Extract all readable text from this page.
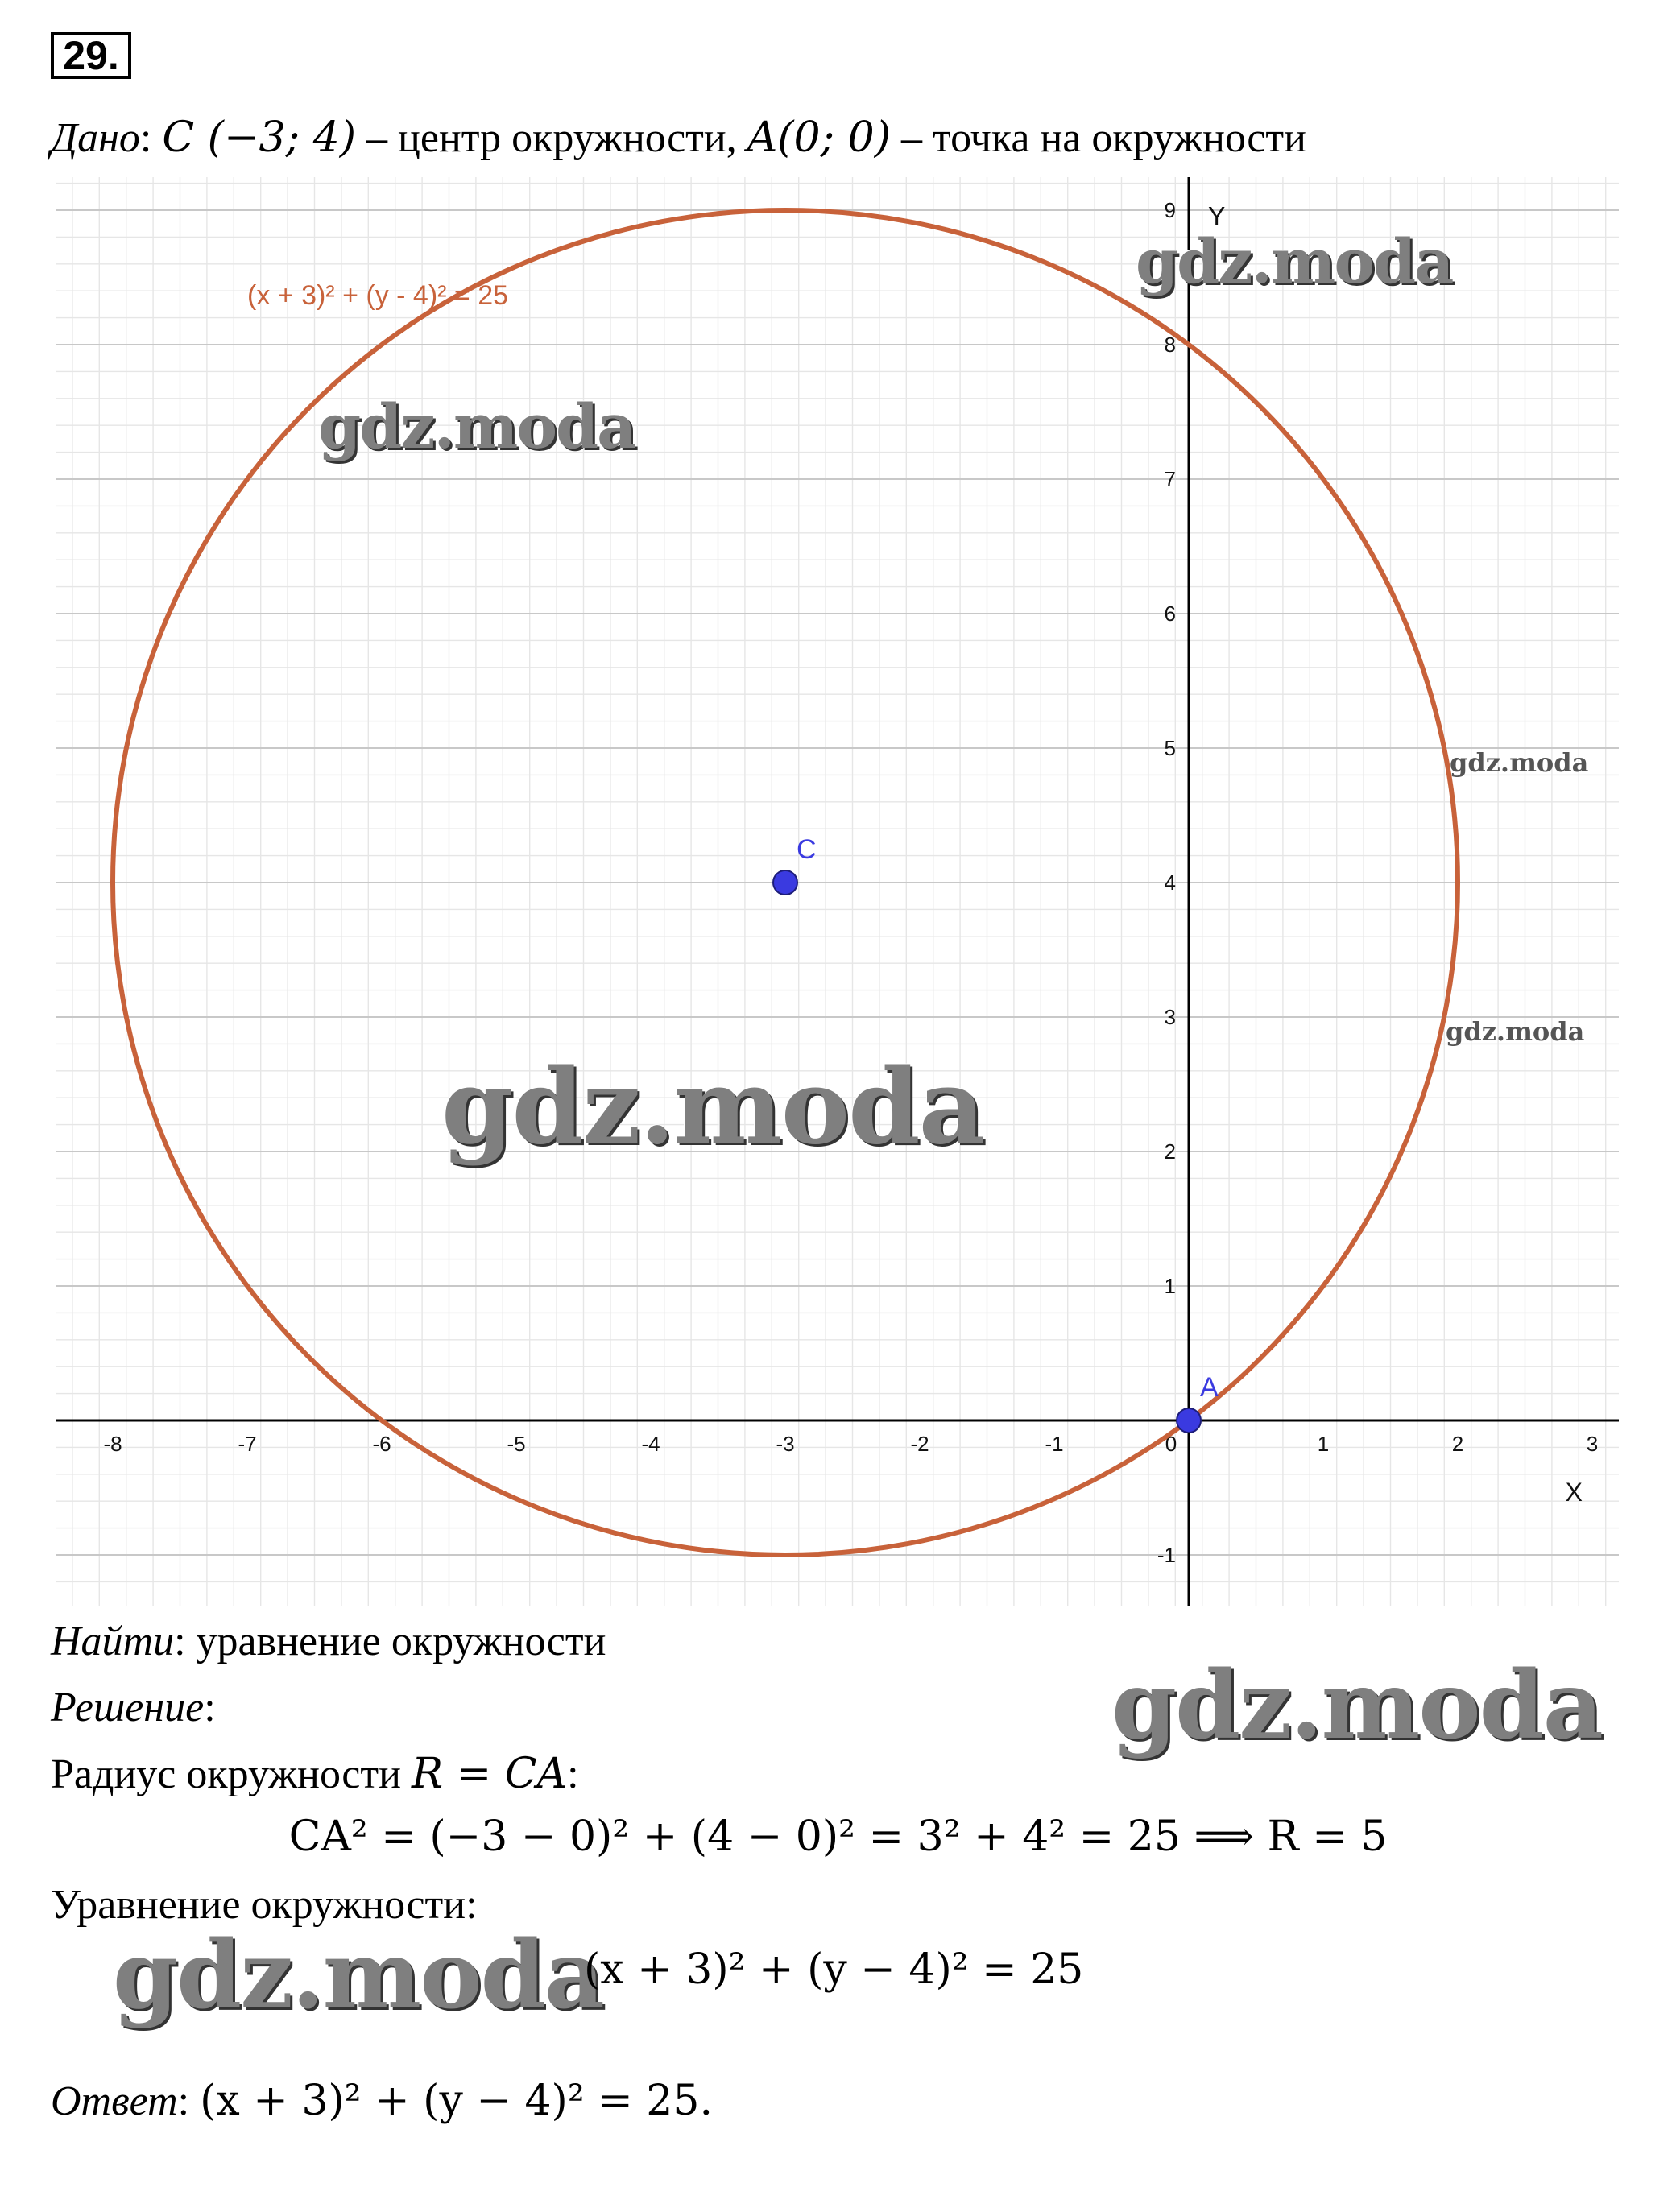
29.
Дано: C (−3; 4) – центр окружности, A(0; 0) – точка на окружности
-8	-7	-6	-5	-4	-3	-2	-1	0	1	2	3
9
8
7
6
5
4
3
2
1
-1
(x + 3)² + (y - 4)² = 25
C
A
X
Y
gdz.moda
gdz.moda
gdz.moda
gdz.moda
gdz.moda
gdz.moda
gdz.moda
Найти: уравнение окружности
Решение:
Радиус окружности R = CA:
CA² = (−3 − 0)² + (4 − 0)² = 3² + 4² = 25 ⟹ R = 5
Уравнение окружности:
(x + 3)² + (y − 4)² = 25
Ответ: (x + 3)² + (y − 4)² = 25.
